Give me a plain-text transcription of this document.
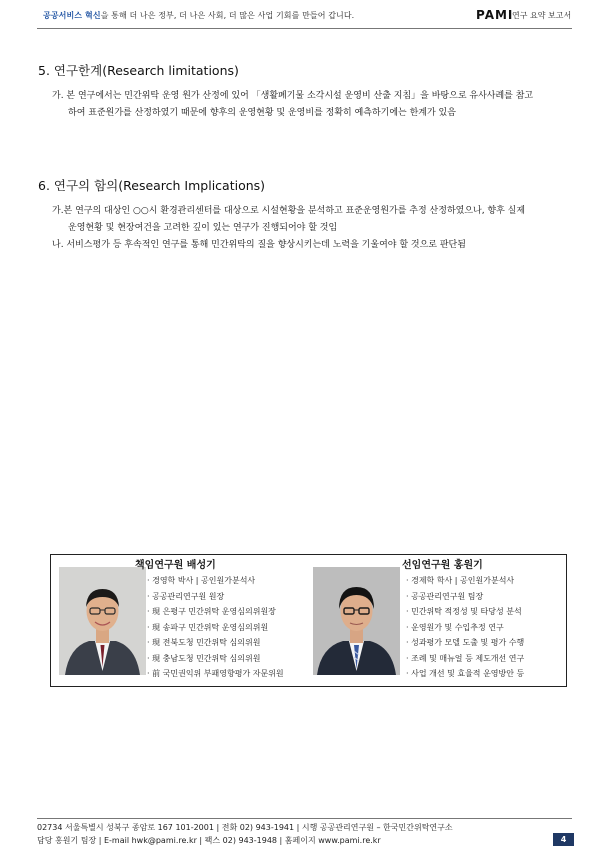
공공서비스 혁신을 통해 더 나은 정부, 더 나은 사회, 더 많은 사업 기회를 만들어 갑니다.	PAMI
연구 요약 보고서
5. 연구한계(Research limitations)
가. 본 연구에서는 민간위탁 운영 원가 산정에 있어 「생활폐기물 소각시설 운영비 산출 지침」을 바탕으로 유사사례를 참고
하여 표준원가를 산정하였기 때문에 향후의 운영현황 및 운영비를 정확히 예측하기에는 한계가 있음
6. 연구의 함의(Research Implications)
가.본 연구의 대상인 ○○시 환경관리센터를 대상으로 시설현황을 분석하고 표준운영원가를 추정 산정하였으나, 향후 실제
운영현황 및 현장여건을 고려한 깊이 있는 연구가 진행되어야 할 것임
나. 서비스평가 등 후속적인 연구를 통해 민간위탁의 질을 향상시키는데 노력을 기울여야 할 것으로 판단됨
책임연구원 배성기
· 경영학 박사 | 공인원가분석사
· 공공관리연구원 원장
· 現 은평구 민간위탁 운영심의위원장
· 現 송파구 민간위탁 운영심의위원
· 現 전북도청 민간위탁 심의위원
· 現 충남도청 민간위탁 심의위원
· 前 국민권익위 부패영향평가 자문위원
선임연구원 홍원기
· 경제학 학사 | 공인원가분석사
· 공공관리연구원 팀장
· 민간위탁 적정성 및 타당성 분석
· 운영원가 및 수입추정 연구
· 성과평가 모델 도출 및 평가 수행
· 조례 및 매뉴얼 등 제도개선 연구
· 사업 개선 및 효율적 운영방안 등
02734 서울특별시 성북구 종암로 167 101-2001 | 전화 02) 943-1941 | 시행 공공관리연구원 – 한국민간위탁연구소
담당 홍원기 팀장 | E-mail hwk@pami.re.kr | 팩스 02) 943-1948 | 홈페이지 www.pami.re.kr	4
